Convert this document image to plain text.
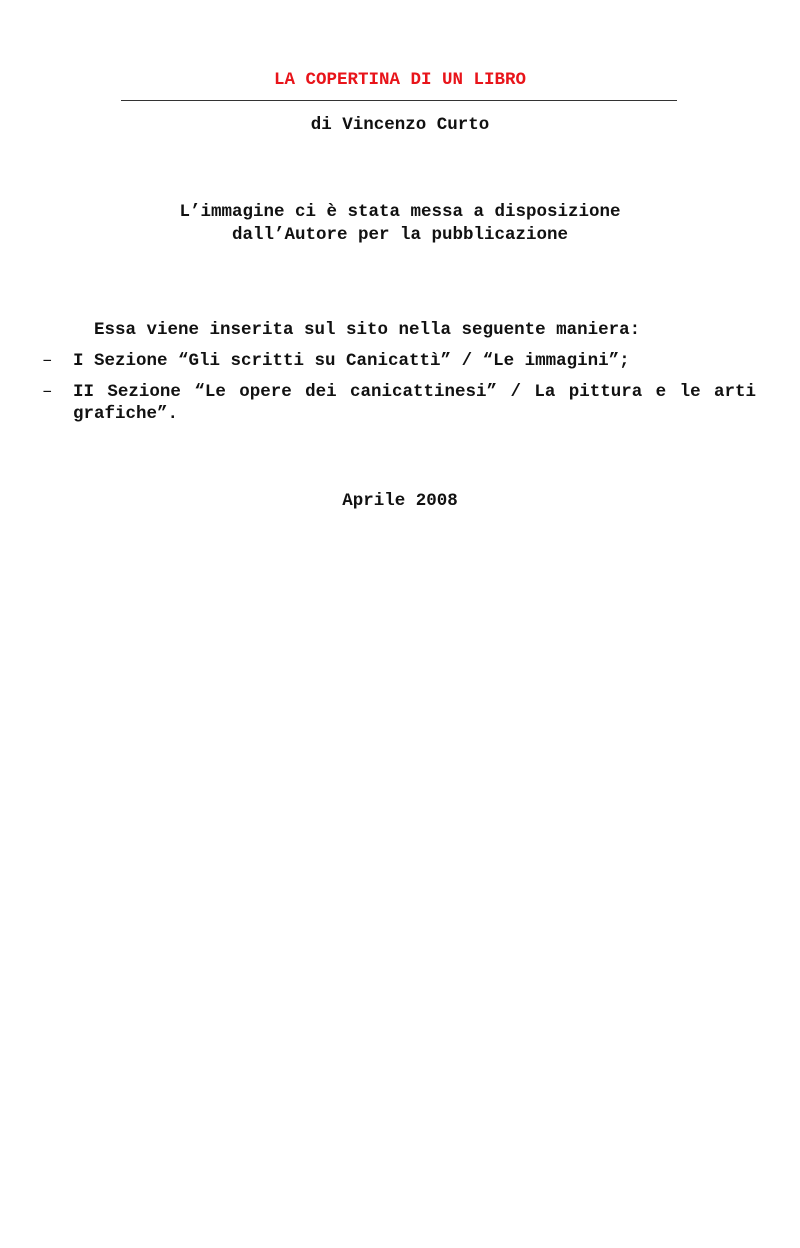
LA COPERTINA DI UN LIBRO
di Vincenzo Curto
L’immagine ci è stata messa a disposizione
dall’Autore per la pubblicazione
Essa viene inserita sul sito nella seguente maniera:
– I Sezione “Gli scritti su Canicattì” / “Le immagini”;
– II Sezione “Le opere dei canicattinesi” / La pittura e le arti grafiche”.
Aprile 2008
